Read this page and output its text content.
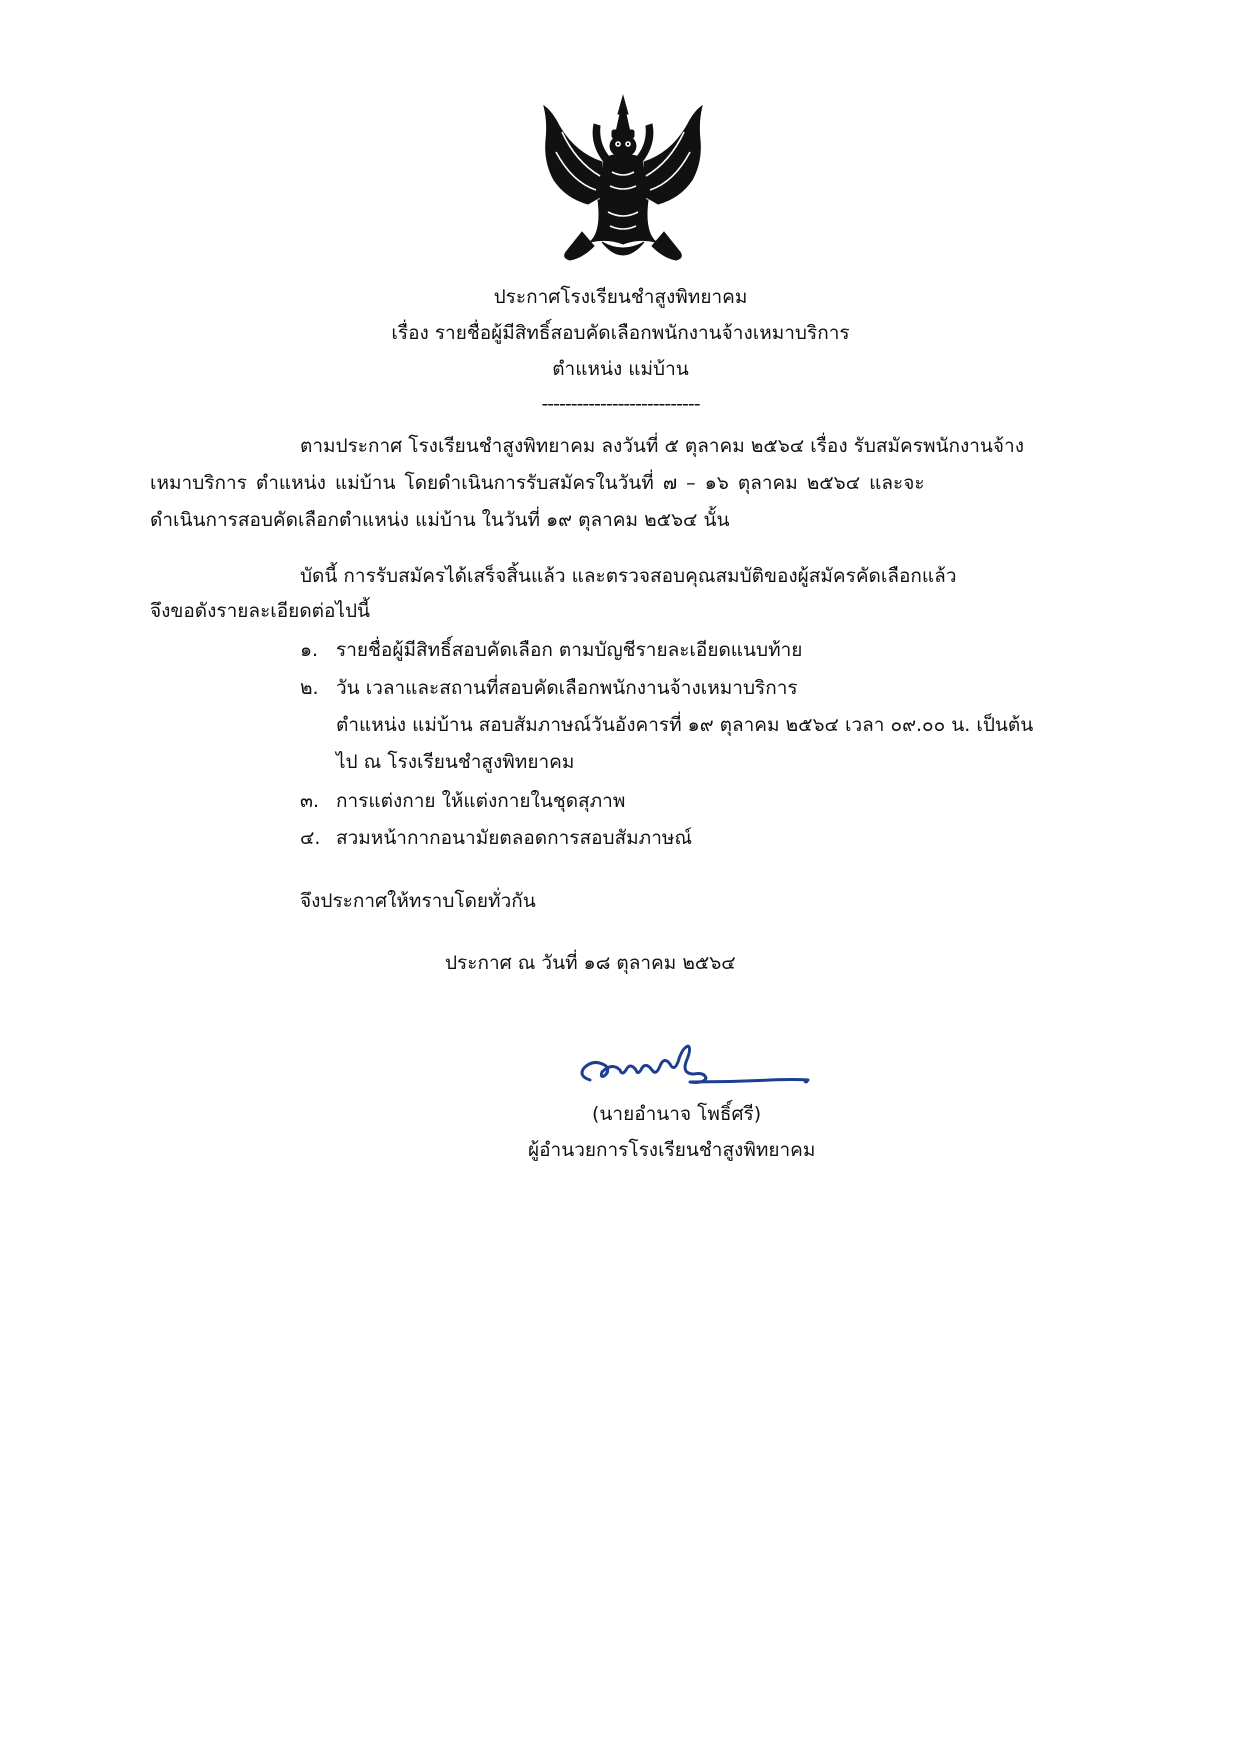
ประกาศโรงเรียนชำสูงพิทยาคม
เรื่อง รายชื่อผู้มีสิทธิ์สอบคัดเลือกพนักงานจ้างเหมาบริการ
ตำแหน่ง แม่บ้าน
---------------------------
ตามประกาศ โรงเรียนชำสูงพิทยาคม ลงวันที่ ๕ ตุลาคม ๒๕๖๔ เรื่อง รับสมัครพนักงานจ้าง
เหมาบริการ ตำแหน่ง แม่บ้าน โดยดำเนินการรับสมัครในวันที่ ๗ – ๑๖ ตุลาคม ๒๕๖๔ และจะ
ดำเนินการสอบคัดเลือกตำแหน่ง แม่บ้าน ในวันที่ ๑๙ ตุลาคม ๒๕๖๔ นั้น
บัดนี้ การรับสมัครได้เสร็จสิ้นแล้ว และตรวจสอบคุณสมบัติของผู้สมัครคัดเลือกแล้ว
จึงขอดังรายละเอียดต่อไปนี้
๑. รายชื่อผู้มีสิทธิ์สอบคัดเลือก ตามบัญชีรายละเอียดแนบท้าย
๒. วัน เวลาและสถานที่สอบคัดเลือกพนักงานจ้างเหมาบริการ
ตำแหน่ง แม่บ้าน สอบสัมภาษณ์วันอังคารที่ ๑๙ ตุลาคม ๒๕๖๔ เวลา ๐๙.๐๐ น. เป็นต้น
ไป ณ โรงเรียนชำสูงพิทยาคม
๓. การแต่งกาย ให้แต่งกายในชุดสุภาพ
๔. สวมหน้ากากอนามัยตลอดการสอบสัมภาษณ์
จึงประกาศให้ทราบโดยทั่วกัน
ประกาศ ณ วันที่ ๑๘ ตุลาคม ๒๕๖๔
(นายอำนาจ โพธิ์ศรี)
ผู้อำนวยการโรงเรียนชำสูงพิทยาคม
